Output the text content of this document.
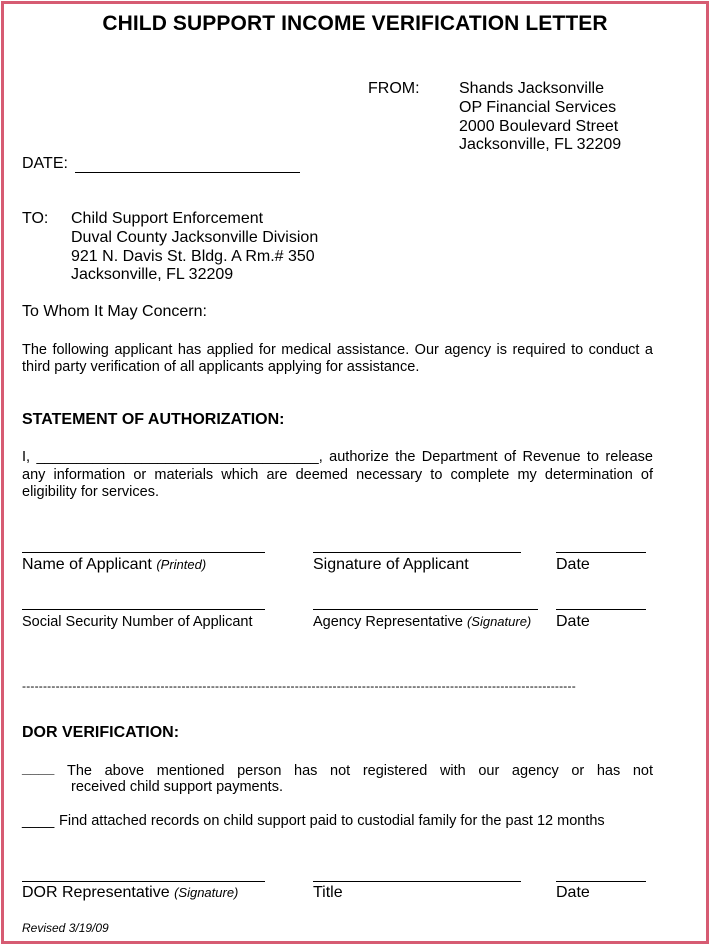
CHILD SUPPORT INCOME VERIFICATION LETTER
FROM: Shands Jacksonville
OP Financial Services
2000 Boulevard Street
Jacksonville, FL 32209
DATE:
TO: Child Support Enforcement
Duval County Jacksonville Division
921 N. Davis St. Bldg. A Rm.# 350
Jacksonville, FL 32209
To Whom It May Concern:
The following applicant has applied for medical assistance. Our agency is required to conduct a
third party verification of all applicants applying for assistance.
STATEMENT OF AUTHORIZATION:
I, ___________________________________, authorize the Department of Revenue to release
any information or materials which are deemed necessary to complete my determination of
eligibility for services.
Name of Applicant (Printed)	Signature of Applicant	Date
Social Security Number of Applicant	Agency Representative (Signature) Date
------------------------------------------------------------------------------------------------------------------------------------
DOR VERIFICATION:
____ The above mentioned person has not registered with our agency or has not
received child support payments.
____ Find attached records on child support paid to custodial family for the past 12 months
DOR Representative (Signature)	Title	Date
Revised 3/19/09
